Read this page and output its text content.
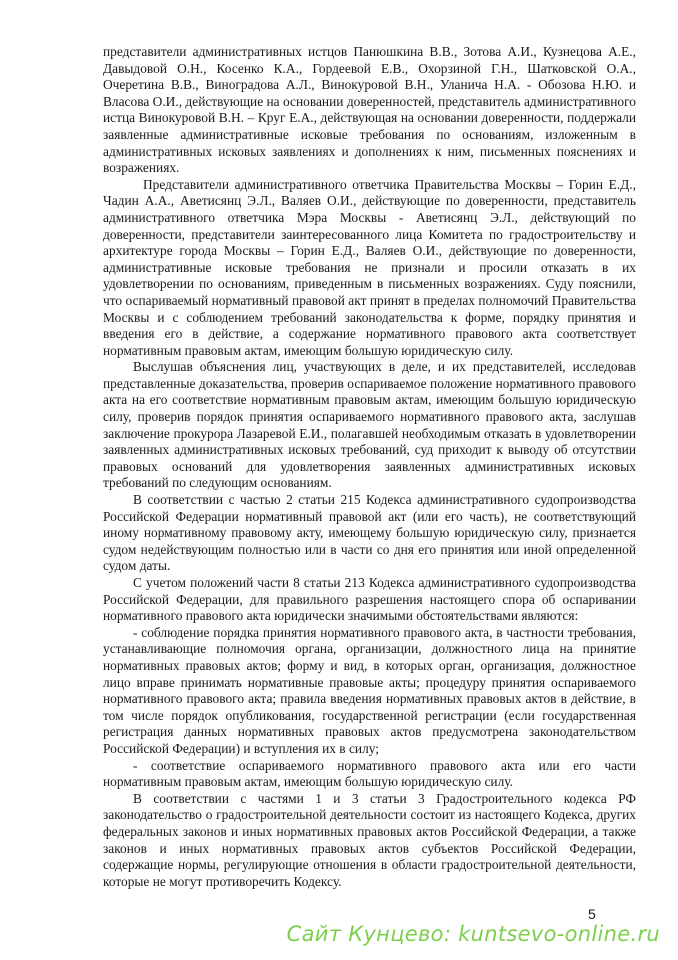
представители административных истцов Панюшкина В.В., Зотова А.И., Кузнецова А.Е., Давыдовой О.Н., Косенко К.А., Гордеевой Е.В., Охорзиной Г.Н., Шатковской О.А., Очеретина В.В., Виноградова А.Л., Винокуровой В.Н., Уланича Н.А. - Обозова Н.Ю. и Власова О.И., действующие на основании доверенностей, представитель административного истца Винокуровой В.Н. – Круг Е.А., действующая на основании доверенности, поддержали заявленные административные исковые требования по основаниям, изложенным в административных исковых заявлениях и дополнениях к ним, письменных пояснениях и возражениях.

Представители административного ответчика Правительства Москвы – Горин Е.Д., Чадин А.А., Аветисянц Э.Л., Валяев О.И., действующие по доверенности, представитель административного ответчика Мэра Москвы - Аветисянц Э.Л., действующий по доверенности, представители заинтересованного лица Комитета по градостроительству и архитектуре города Москвы – Горин Е.Д., Валяев О.И., действующие по доверенности, административные исковые требования не признали и просили отказать в их удовлетворении по основаниям, приведенным в письменных возражениях. Суду пояснили, что оспариваемый нормативный правовой акт принят в пределах полномочий Правительства Москвы и с соблюдением требований законодательства к форме, порядку принятия и введения его в действие, а содержание нормативного правового акта соответствует нормативным правовым актам, имеющим большую юридическую силу.

Выслушав объяснения лиц, участвующих в деле, и их представителей, исследовав представленные доказательства, проверив оспариваемое положение нормативного правового акта на его соответствие нормативным правовым актам, имеющим большую юридическую силу, проверив порядок принятия оспариваемого нормативного правового акта, заслушав заключение прокурора Лазаревой Е.И., полагавшей необходимым отказать в удовлетворении заявленных административных исковых требований, суд приходит к выводу об отсутствии правовых оснований для удовлетворения заявленных административных исковых требований по следующим основаниям.

В соответствии с частью 2 статьи 215 Кодекса административного судопроизводства Российской Федерации нормативный правовой акт (или его часть), не соответствующий иному нормативному правовому акту, имеющему большую юридическую силу, признается судом недействующим полностью или в части со дня его принятия или иной определенной судом даты.

С учетом положений части 8 статьи 213 Кодекса административного судопроизводства Российской Федерации, для правильного разрешения настоящего спора об оспаривании нормативного правового акта юридически значимыми обстоятельствами являются:

- соблюдение порядка принятия нормативного правового акта, в частности требования, устанавливающие полномочия органа, организации, должностного лица на принятие нормативных правовых актов; форму и вид, в которых орган, организация, должностное лицо вправе принимать нормативные правовые акты; процедуру принятия оспариваемого нормативного правового акта; правила введения нормативных правовых актов в действие, в том числе порядок опубликования, государственной регистрации (если государственная регистрация данных нормативных правовых актов предусмотрена законодательством Российской Федерации) и вступления их в силу;

- соответствие оспариваемого нормативного правового акта или его части нормативным правовым актам, имеющим большую юридическую силу.

В соответствии с частями 1 и 3 статьи 3 Градостроительного кодекса РФ законодательство о градостроительной деятельности состоит из настоящего Кодекса, других федеральных законов и иных нормативных правовых актов Российской Федерации, а также законов и иных нормативных правовых актов субъектов Российской Федерации, содержащие нормы, регулирующие отношения в области градостроительной деятельности, которые не могут противоречить Кодексу.

5
Сайт Кунцево: kuntsevo-online.ru
